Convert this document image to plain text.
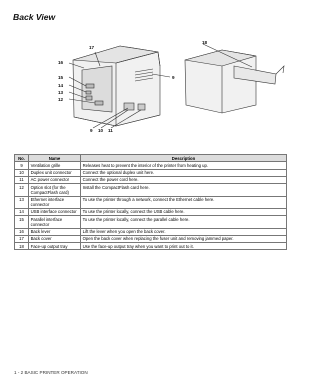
Back View
17
18
16
15
14
13
12
9
9 10 11
No.	Name	Description
9	Ventilation grille	Releases heat to prevent the interior of the printer from heating up.
10	Duplex unit connector	Connect the optional duplex unit here.
11	AC power connector	Connect the power cord here.
12	Option slot (for the CompactFlash card)	Install the CompactFlash card here.
13	Ethernet interface connector	To use the printer through a network, connect the Ethernet cable here.
14	USB interface connector	To use the printer locally, connect the USB cable here.
15	Parallel interface connector	To use the printer locally, connect the parallel cable here.
16	Back lever	Lift the lever when you open the back cover.
17	Back cover	Open the back cover when replacing the fuser unit and removing jammed paper.
18	Face-up output tray	Use the face-up output tray when you want to print out to it.
1 - 2 BASIC PRINTER OPERATION
